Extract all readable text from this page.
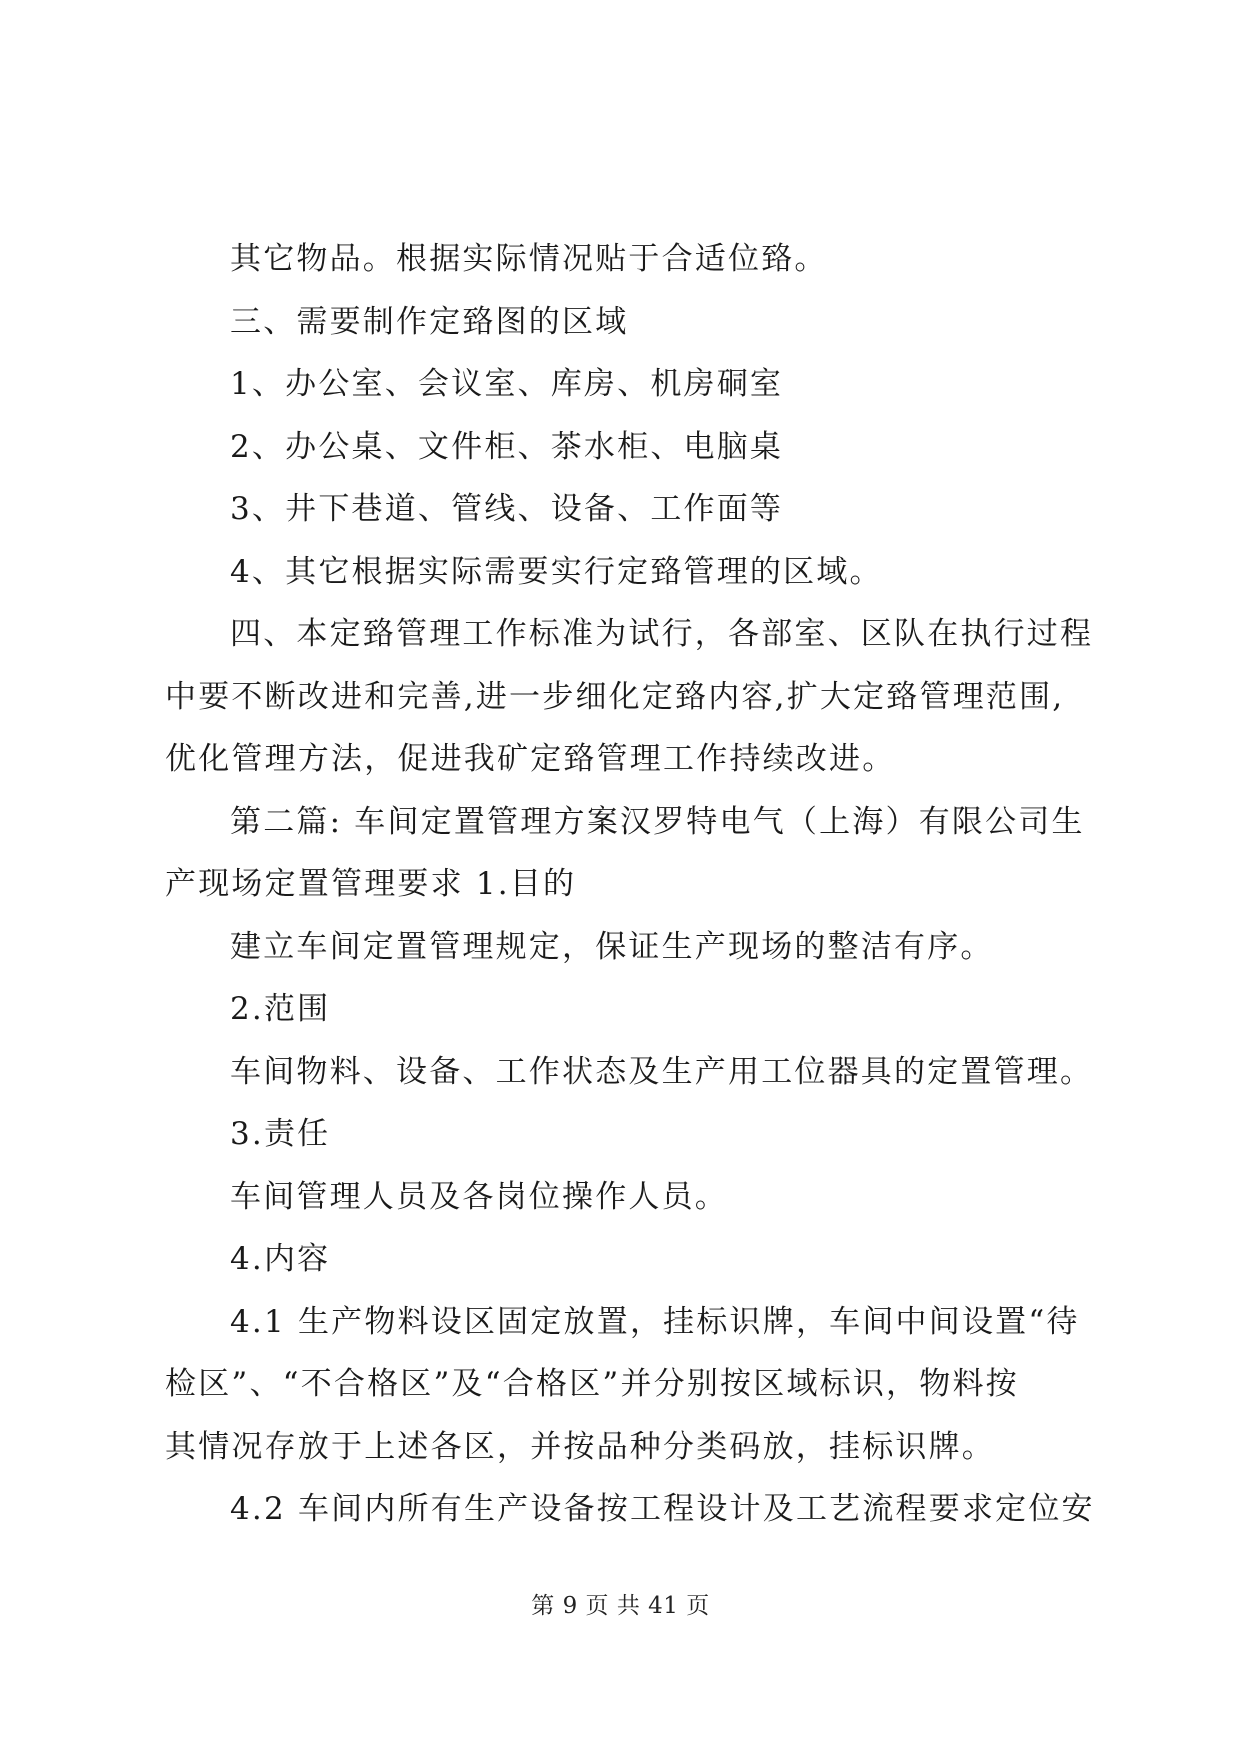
其它物品。根据实际情况贴于合适位臵。

三、需要制作定臵图的区域

1、办公室、会议室、库房、机房硐室

2、办公桌、文件柜、茶水柜、电脑桌

3、井下巷道、管线、设备、工作面等

4、其它根据实际需要实行定臵管理的区域。

四、本定臵管理工作标准为试行，各部室、区队在执行过程

中要不断改进和完善,进一步细化定臵内容,扩大定臵管理范围,

优化管理方法，促进我矿定臵管理工作持续改进。

第二篇: 车间定置管理方案汉罗特电气（上海）有限公司生

产现场定置管理要求 1.目的

建立车间定置管理规定，保证生产现场的整洁有序。

2.范围

车间物料、设备、工作状态及生产用工位器具的定置管理。

3.责任

车间管理人员及各岗位操作人员。

4.内容

4.1 生产物料设区固定放置，挂标识牌，车间中间设置“待

检区”、“不合格区”及“合格区”并分别按区域标识，物料按

其情况存放于上述各区，并按品种分类码放，挂标识牌。

4.2 车间内所有生产设备按工程设计及工艺流程要求定位安

第 9 页 共 41 页
